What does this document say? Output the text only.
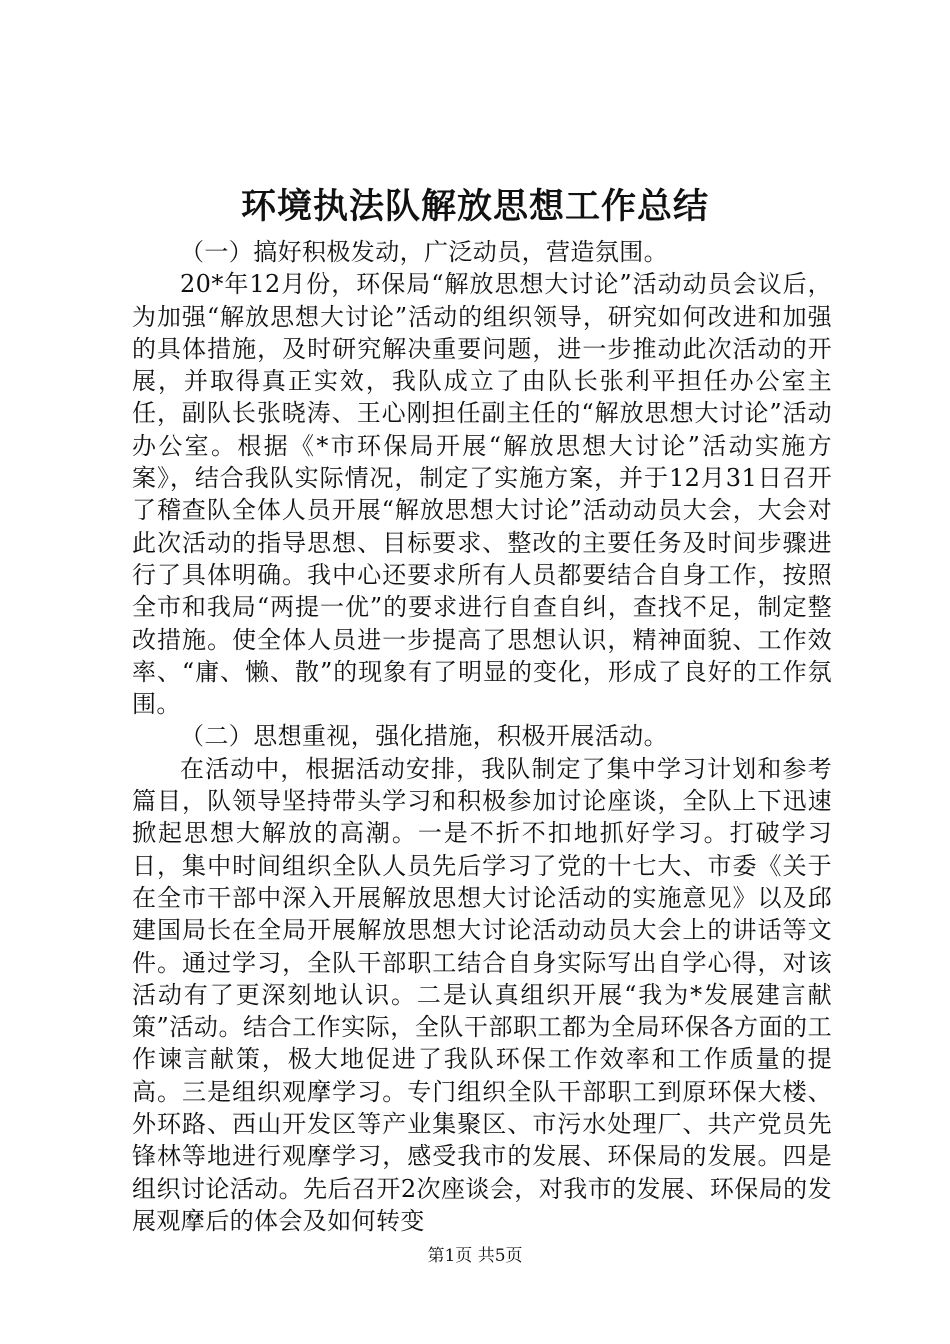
环境执法队解放思想工作总结

（一）搞好积极发动，广泛动员，营造氛围。

20*年12月份，环保局“解放思想大讨论”活动动员会议后，为加强“解放思想大讨论”活动的组织领导，研究如何改进和加强的具体措施，及时研究解决重要问题，进一步推动此次活动的开展，并取得真正实效，我队成立了由队长张利平担任办公室主任，副队长张晓涛、王心刚担任副主任的“解放思想大讨论”活动办公室。根据《*市环保局开展“解放思想大讨论”活动实施方案》，结合我队实际情况，制定了实施方案，并于12月31日召开了稽查队全体人员开展“解放思想大讨论”活动动员大会，大会对此次活动的指导思想、目标要求、整改的主要任务及时间步骤进行了具体明确。我中心还要求所有人员都要结合自身工作，按照全市和我局“两提一优”的要求进行自查自纠，查找不足，制定整改措施。使全体人员进一步提高了思想认识，精神面貌、工作效率、“庸、懒、散”的现象有了明显的变化，形成了良好的工作氛围。

（二）思想重视，强化措施，积极开展活动。

在活动中，根据活动安排，我队制定了集中学习计划和参考篇目，队领导坚持带头学习和积极参加讨论座谈，全队上下迅速掀起思想大解放的高潮。一是不折不扣地抓好学习。打破学习日，集中时间组织全队人员先后学习了党的十七大、市委《关于在全市干部中深入开展解放思想大讨论活动的实施意见》以及邱建国局长在全局开展解放思想大讨论活动动员大会上的讲话等文件。通过学习，全队干部职工结合自身实际写出自学心得，对该活动有了更深刻地认识。二是认真组织开展“我为*发展建言献策”活动。结合工作实际，全队干部职工都为全局环保各方面的工作谏言献策，极大地促进了我队环保工作效率和工作质量的提高。三是组织观摩学习。专门组织全队干部职工到原环保大楼、外环路、西山开发区等产业集聚区、市污水处理厂、共产党员先锋林等地进行观摩学习，感受我市的发展、环保局的发展。四是组织讨论活动。先后召开2次座谈会，对我市的发展、环保局的发展观摩后的体会及如何转变

第1页 共5页
